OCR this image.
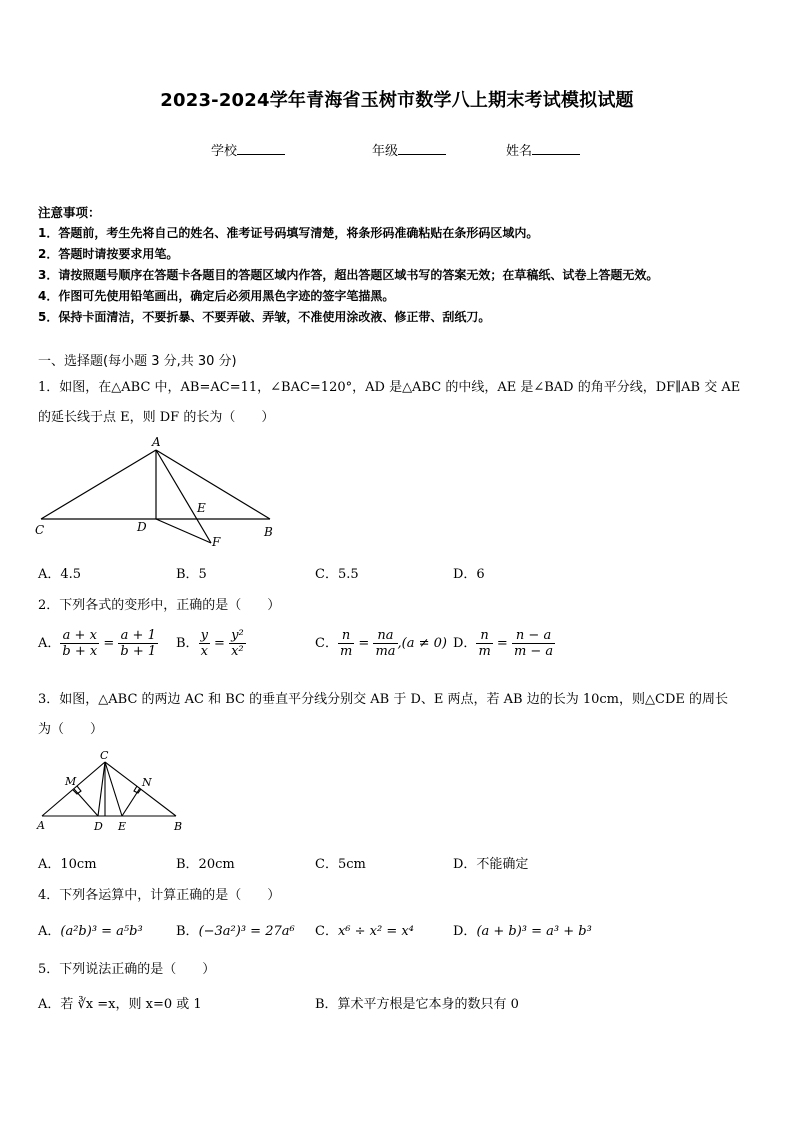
2023-2024学年青海省玉树市数学八上期末考试模拟试题
学校	年级	姓名
注意事项：
1．答题前，考生先将自己的姓名、准考证号码填写清楚，将条形码准确粘贴在条形码区域内。
2．答题时请按要求用笔。
3．请按照题号顺序在答题卡各题目的答题区域内作答，超出答题区域书写的答案无效；在草稿纸、试卷上答题无效。
4．作图可先使用铅笔画出，确定后必须用黑色字迹的签字笔描黑。
5．保持卡面清洁，不要折暴、不要弄破、弄皱，不准使用涂改液、修正带、刮纸刀。
一、选择题(每小题 3 分,共 30 分)
1．如图，在△ABC 中，AB=AC=11，∠BAC=120°，AD 是△ABC 的中线，AE 是∠BAD 的角平分线，DF∥AB 交 AE
的延长线于点 E，则 DF 的长为（　　）
A
C	D
E
B
F
A．4.5	B．5	C．5.5	D．6
2．下列各式的变形中，正确的是（　　）
A． $\frac{a + x}{b + x} = \frac{a + 1}{b + 1}$ B． $\frac{y}{x} = \frac{\text{y²}}{\text{x²}}$	C． $\frac{n}{m} = \frac{na}{ma} ,(a \ne 0)$ D． $\frac{n}{m} = \frac{n - a}{m - a}$
3．如图，△ABC 的两边 AC 和 BC 的垂直平分线分别交 AB 于 D、E 两点，若 AB 边的长为 10cm，则△CDE 的周长
为（　　）
C
M	N
A	D E	B
A．10cm	B．20cm	C．5cm	D．不能确定
4．下列各运算中，计算正确的是（　　）
A．(a²b)³ = a⁵b³	B．(−3a²)³ = 27a⁶ C．x⁶ ÷ x² = x⁴	D．(a + b)³ = a³ + b³
5．下列说法正确的是（　　）
A．若 ∛x =x，则 x=0 或 1	B．算术平方根是它本身的数只有 0
